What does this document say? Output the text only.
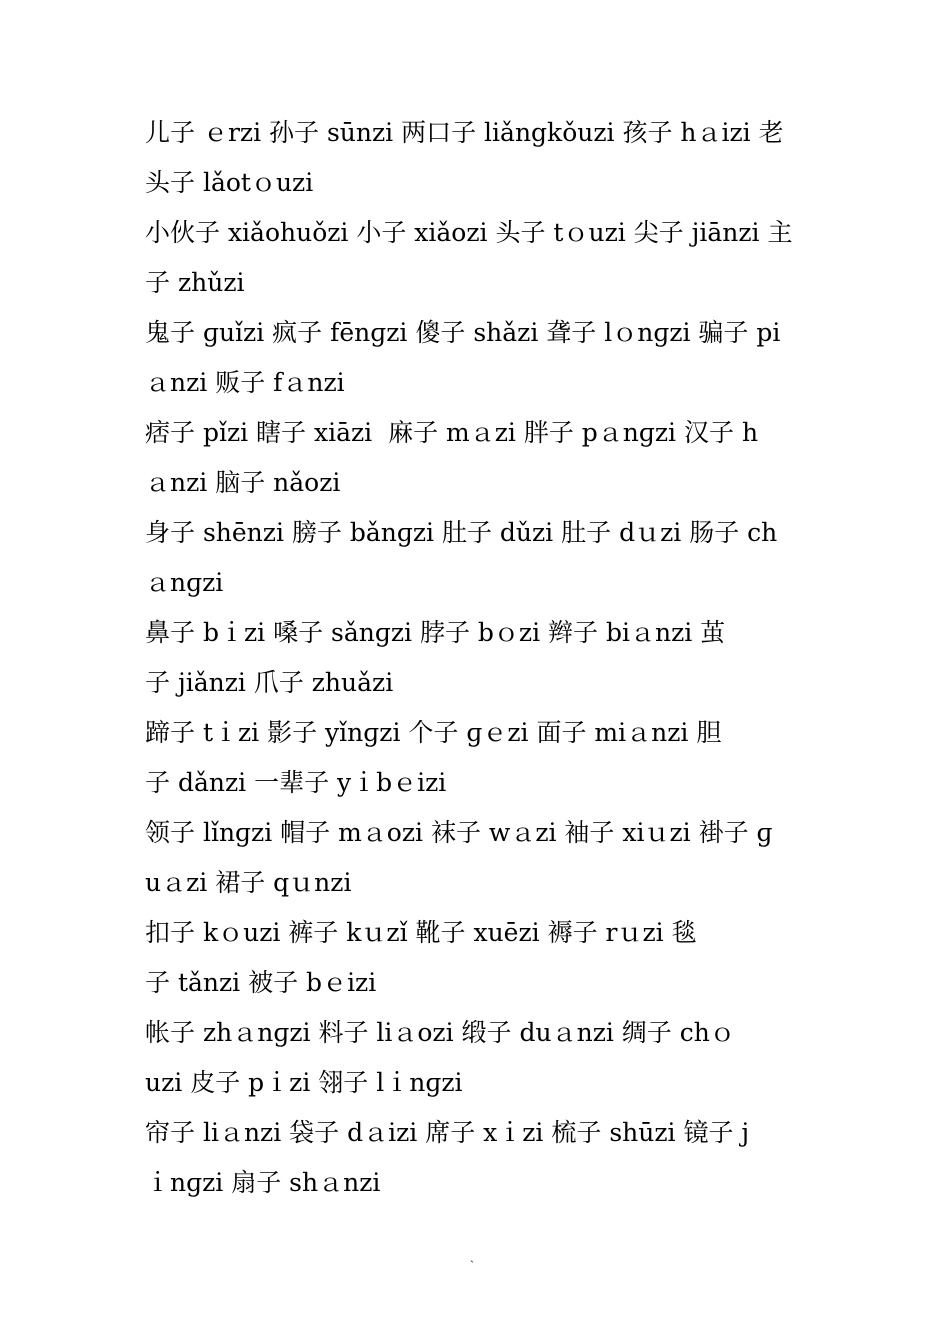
儿子 ｅrzi 孙子 sūnzi 两口子 liǎngkǒuzi 孩子 hａizi 老
头子 lǎotｏuzi
小伙子 xiǎohuǒzi 小子 xiǎozi 头子 tｏuzi 尖子 jiānzi 主
子 zhǔzi
鬼子 ɡuǐzi 疯子 fēnɡzi 傻子 shǎzi 聋子 lｏnɡzi 骗子 pi
ａnzi 贩子 fａnzi
痞子 pǐzi 瞎子 xiāzi  麻子 mａzi 胖子 pａnɡzi 汉子 h
ａnzi 脑子 nǎozi
身子 shēnzi 膀子 bǎnɡzi 肚子 dǔzi 肚子 dｕzi 肠子 ch
ａnɡzi
鼻子 bｉzi 嗓子 sǎnɡzi 脖子 bｏzi 辫子 biａnzi 茧
子 jiǎnzi 爪子 zhuǎzi
蹄子 tｉzi 影子 yǐnɡzi 个子 ɡｅzi 面子 miａnzi 胆
子 dǎnzi 一辈子 yｉbｅizi
领子 lǐnɡzi 帽子 mａozi 袜子 wａzi 袖子 xiｕzi 褂子 ɡ
uａzi 裙子 qｕnzi
扣子 kｏuzi 裤子 kｕzǐ 靴子 xuēzi 褥子 rｕzi 毯
子 tǎnzi 被子 bｅizi
帐子 zhａnɡzi 料子 liａozi 缎子 duａnzi 绸子 chｏ
uzi 皮子 pｉzi 翎子 lｉnɡzi
帘子 liａnzi 袋子 dａizi 席子 xｉzi 梳子 shūzi 镜子 j
ｉnɡzi 扇子 shａnzi
`
